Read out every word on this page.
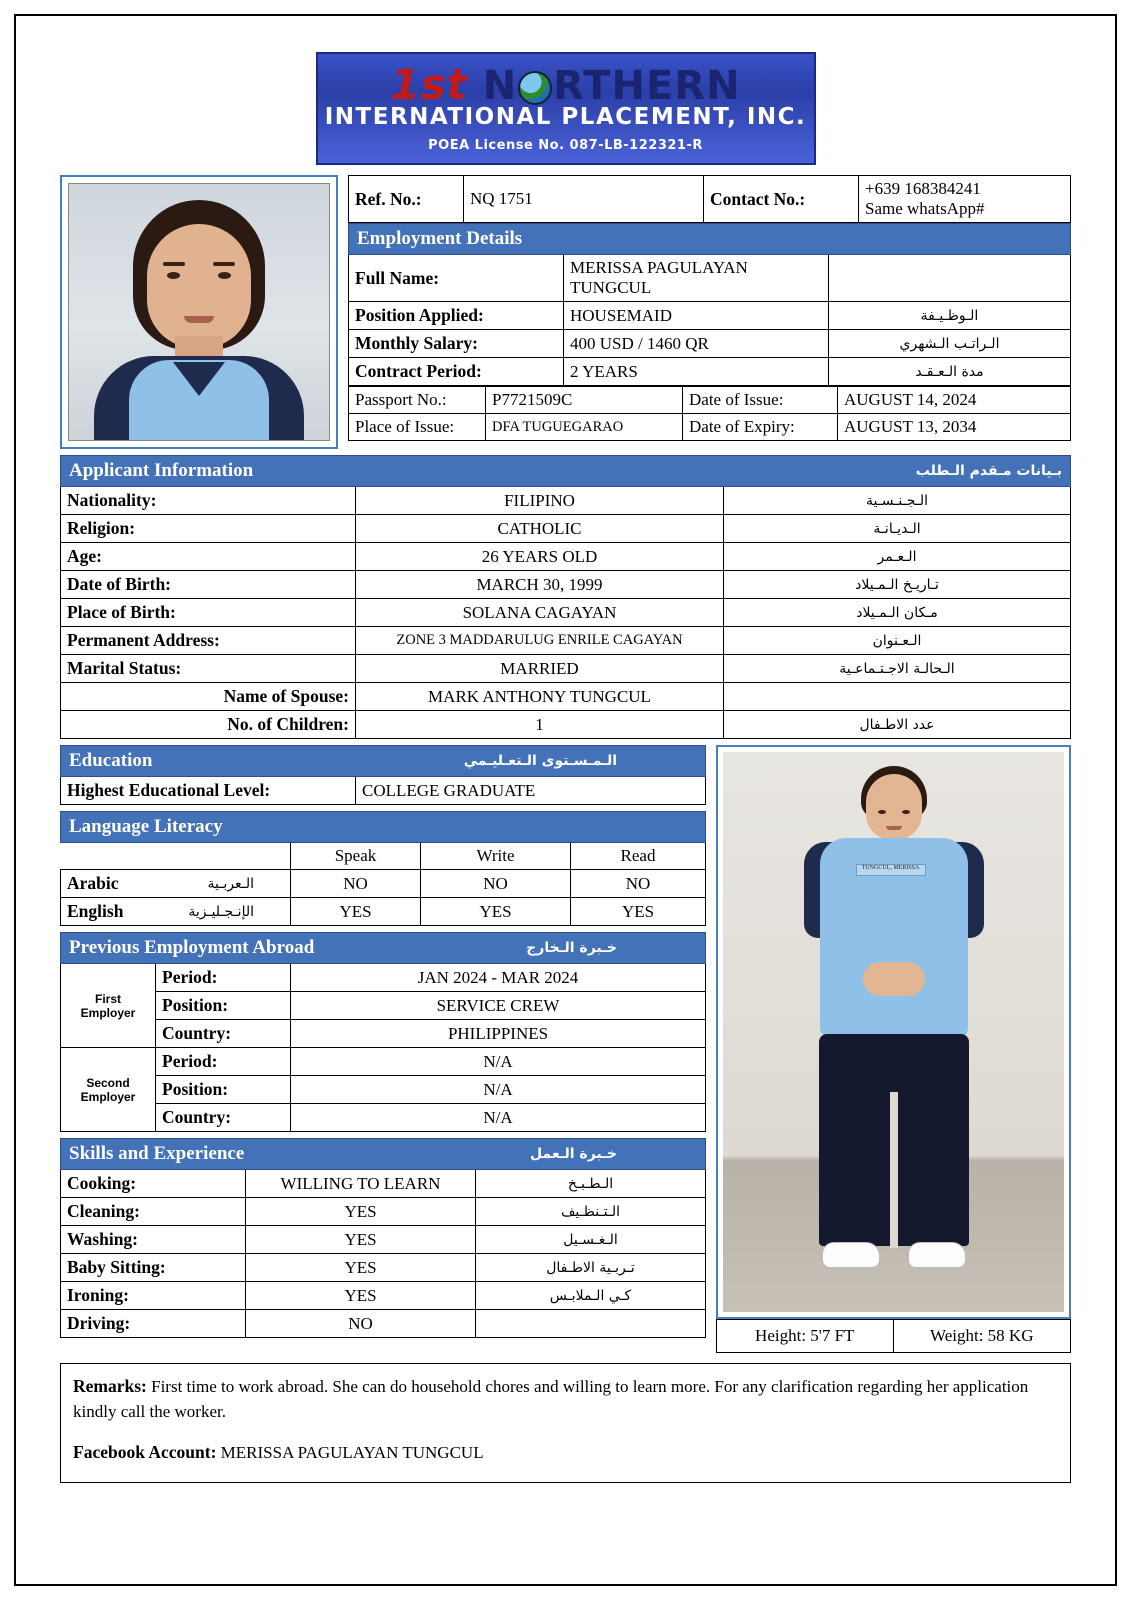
1st N RTHERN
INTERNATIONAL PLACEMENT, INC.
POEA License No. 087-LB-122321-R
Ref. No.:	NQ 1751	Contact No.:	+639 168384241
Same whatsApp#
Employment Details		
Full Name:	MERISSA PAGULAYAN TUNGCUL	
Position Applied:	HOUSEMAID	الـوظـيـفة
Monthly Salary:	400 USD / 1460 QR	الـراتـب الـشهري
Contract Period:	2 YEARS	مدة الـعـقـد
Passport No.:	P7721509C	Date of Issue:	AUGUST 14, 2024
Place of Issue:	DFA TUGUEGARAO	Date of Expiry:	AUGUST 13, 2034
Applicant Information بـيانات مـقدم الـطلب		

Nationality:	FILIPINO	الـجـنـسـية
Religion:	CATHOLIC	الـديـانـة
Age:	26 YEARS OLD	الـعـمر
Date of Birth:	MARCH 30, 1999	تـاريـخ الـمـيلاد
Place of Birth:	SOLANA CAGAYAN	مـكان الـمـيلاد
Permanent Address:	ZONE 3 MADDARULUG ENRILE CAGAYAN	الـعـنوان
Marital Status:	MARRIED	الـحالـة الاجـتـماعـية
Name of Spouse:	MARK ANTHONY TUNGCUL	
No. of Children:	1	عدد الاطـفال
Education	الـمـسـتوى الـتعـليـمي

Highest Educational Level:	COLLEGE GRADUATE
Language Literacy			
	Speak	Write	Read

Arabic الـعربـية	NO	NO	NO

English الإنـجـليـزية	YES	YES	YES
Previous Employment Abroad خـبرة الـخارج		

First
Employer	Period:	JAN 2024 - MAR 2024
	Position:	SERVICE CREW
	Country:	PHILIPPINES

Second
Employer	Period:	N/A
	Position:	N/A
	Country:	N/A
Skills and Experience خـبرة الـعمل		

Cooking:	WILLING TO LEARN	الـطـبـخ
Cleaning:	YES	الـتـنظـيف
Washing:	YES	الـغـسـيل
Baby Sitting:	YES	تـربـية الاطـفال
Ironing:	YES	كـي الـملابـس
Driving:	NO	
TUNGCUL, MERISSA
Height: 5'7 FT	Weight: 58 KG
Remarks: First time to work abroad. She can do household chores and willing to learn more. For any clarification regarding her application kindly call the worker.
Facebook Account: MERISSA PAGULAYAN TUNGCUL
